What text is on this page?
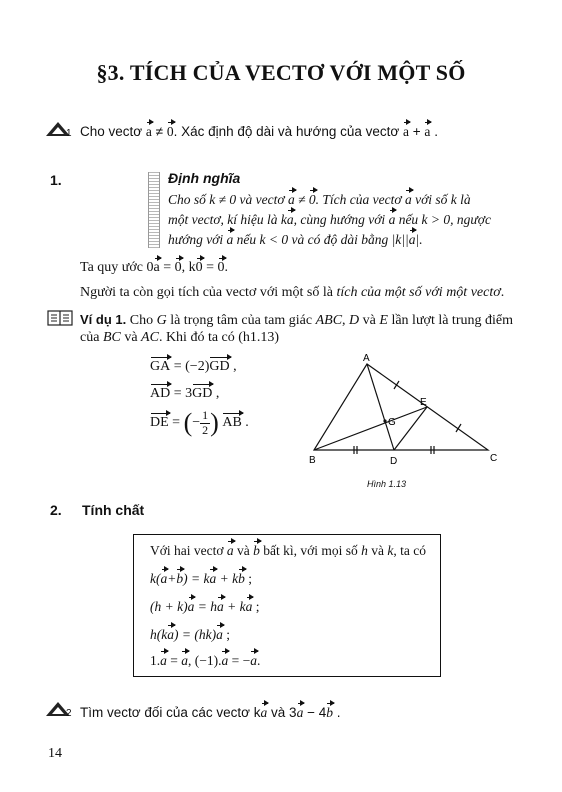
§3. TÍCH CỦA VECTƠ VỚI MỘT SỐ
1 Cho vectơ a ≠ 0. Xác định độ dài và hướng của vectơ a + a .
1.	Định nghĩa
Cho số k ≠ 0 và vectơ a ≠ 0. Tích của vectơ a với số k là
một vectơ, kí hiệu là ka, cùng hướng với a nếu k > 0, ngược
hướng với a nếu k < 0 và có độ dài bằng |k||a|.
Ta quy ước 0a = 0, k0 = 0.
Người ta còn gọi tích của vectơ với một số là tích của một số với một vectơ.
Ví dụ 1. Cho G là trọng tâm của tam giác ABC, D và E lần lượt là trung điểm
của BC và AC. Khi đó ta có (h1.13)
GA = (−2)GD ,
AD = 3GD ,
DE = (− $\frac{1}{2}$ ) AB .
A
B	C
D
E
G
Hình 1.13
2. Tính chất
Với hai vectơ a và b bất kì, với mọi số h và k, ta có
k(a+b) = ka + kb ;
(h + k)a = ha + ka ;
h(ka) = (hk)a ;
1.a = a, (−1).a = −a.
2 Tìm vectơ đối của các vectơ ka và 3a − 4b .
14
